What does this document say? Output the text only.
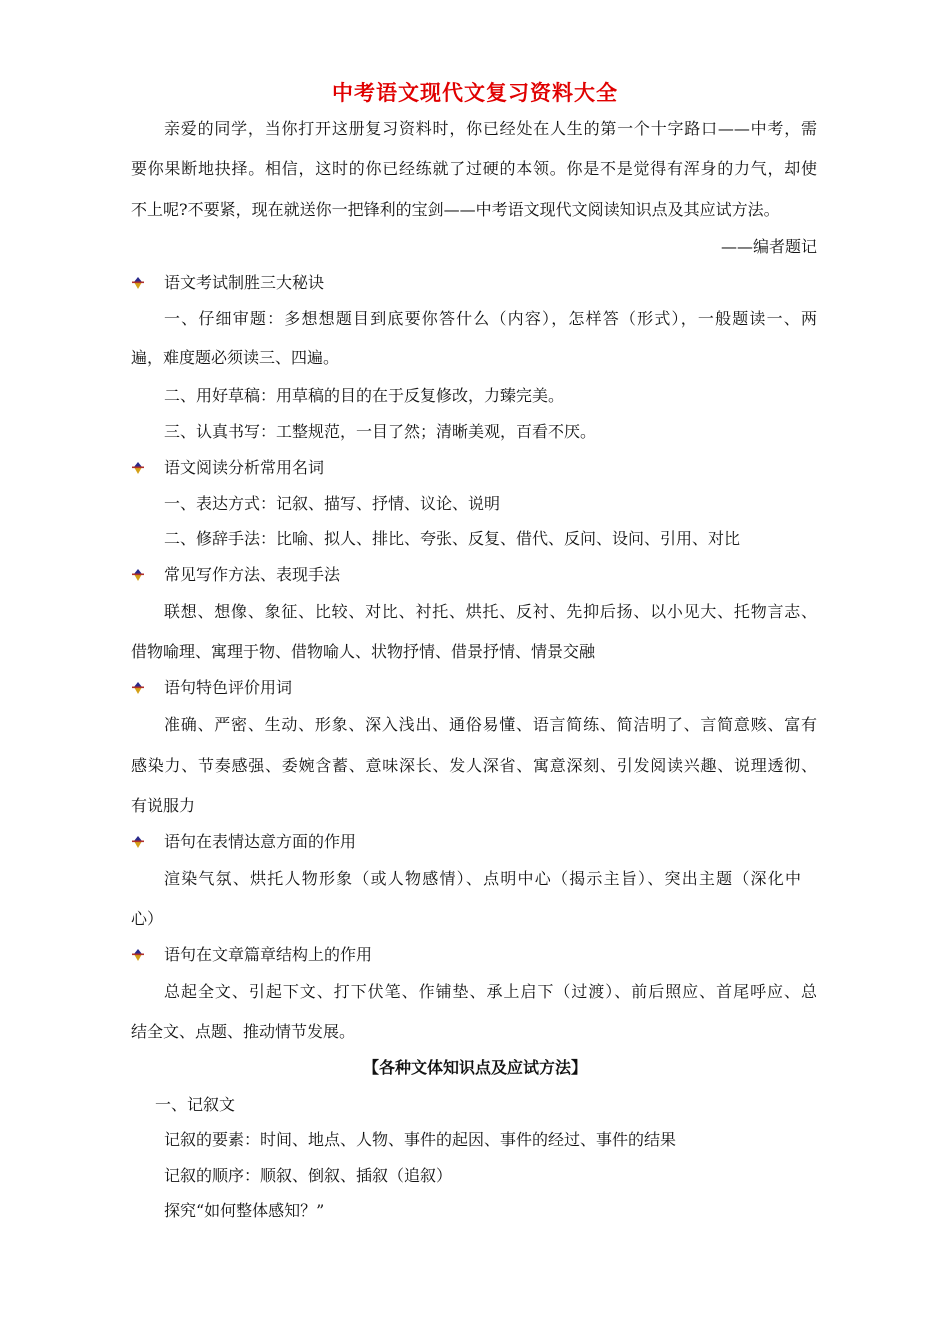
中考语文现代文复习资料大全
亲爱的同学，当你打开这册复习资料时，你已经处在人生的第一个十字路口——中考，需
要你果断地抉择。相信，这时的你已经练就了过硬的本领。你是不是觉得有浑身的力气，却使
不上呢?不要紧，现在就送你一把锋利的宝剑——中考语文现代文阅读知识点及其应试方法。
——编者题记
语文考试制胜三大秘诀
一、仔细审题：多想想题目到底要你答什么（内容），怎样答（形式），一般题读一、两
遍，难度题必须读三、四遍。
二、用好草稿：用草稿的目的在于反复修改，力臻完美。
三、认真书写：工整规范，一目了然；清晰美观，百看不厌。
语文阅读分析常用名词
一、表达方式：记叙、描写、抒情、议论、说明
二、修辞手法：比喻、拟人、排比、夸张、反复、借代、反问、设问、引用、对比
常见写作方法、表现手法
联想、想像、象征、比较、对比、衬托、烘托、反衬、先抑后扬、以小见大、托物言志、
借物喻理、寓理于物、借物喻人、状物抒情、借景抒情、情景交融
语句特色评价用词
准确、严密、生动、形象、深入浅出、通俗易懂、语言简练、简洁明了、言简意赅、富有
感染力、节奏感强、委婉含蓄、意味深长、发人深省、寓意深刻、引发阅读兴趣、说理透彻、
有说服力
语句在表情达意方面的作用
渲染气氛、烘托人物形象（或人物感情）、点明中心（揭示主旨）、突出主题（深化中
心）
语句在文章篇章结构上的作用
总起全文、引起下文、打下伏笔、作铺垫、承上启下（过渡）、前后照应、首尾呼应、总
结全文、点题、推动情节发展。
【各种文体知识点及应试方法】
一、记叙文
记叙的要素：时间、地点、人物、事件的起因、事件的经过、事件的结果
记叙的顺序：顺叙、倒叙、插叙（追叙）
探究“如何整体感知？”
